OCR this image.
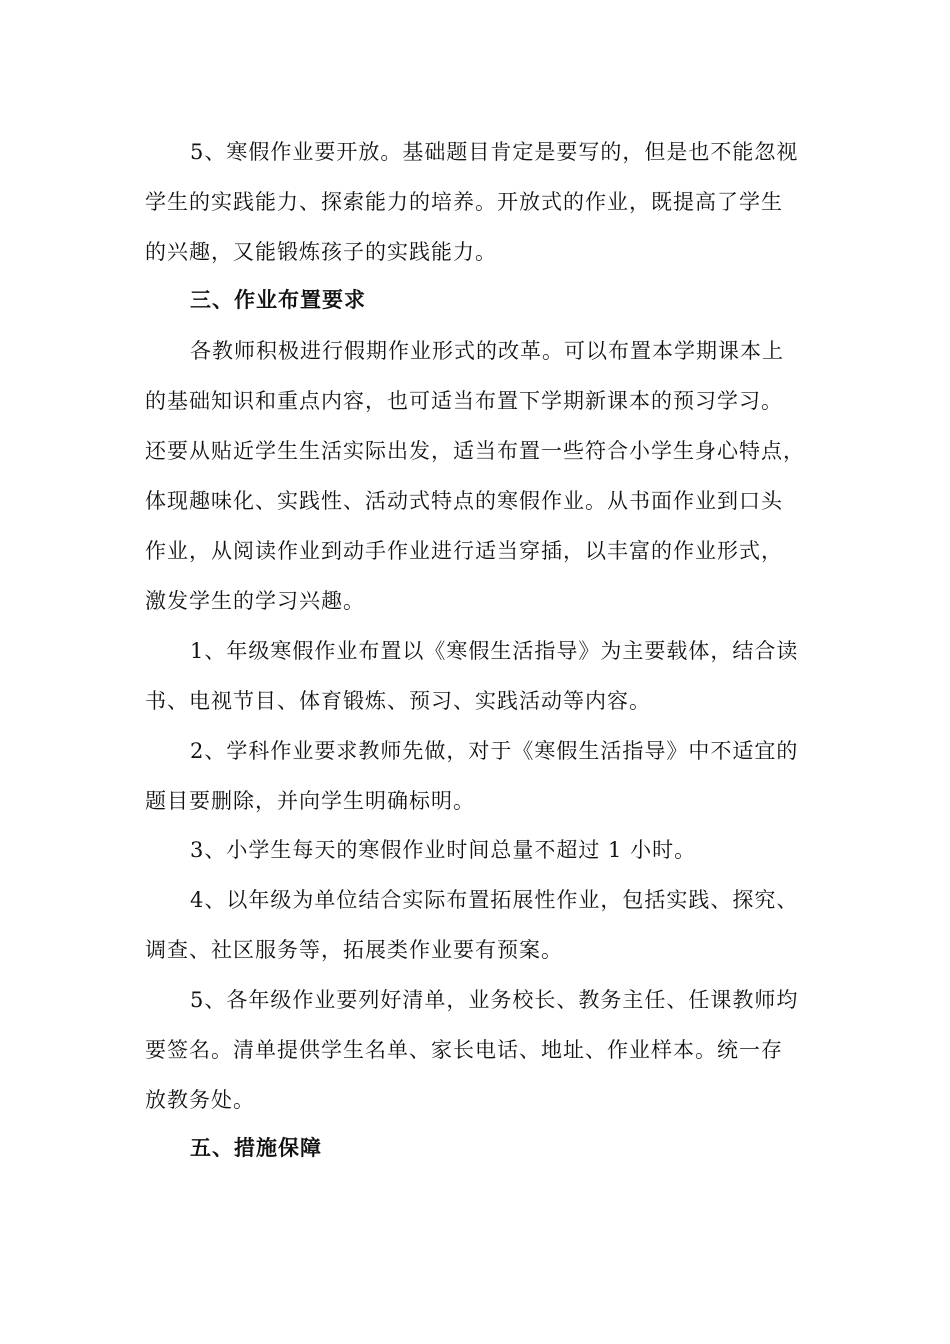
5、寒假作业要开放。基础题目肯定是要写的，但是也不能忽视
学生的实践能力、探索能力的培养。开放式的作业，既提高了学生
的兴趣，又能锻炼孩子的实践能力。
三、作业布置要求
各教师积极进行假期作业形式的改革。可以布置本学期课本上
的基础知识和重点内容，也可适当布置下学期新课本的预习学习。
还要从贴近学生生活实际出发，适当布置一些符合小学生身心特点，
体现趣味化、实践性、活动式特点的寒假作业。从书面作业到口头
作业，从阅读作业到动手作业进行适当穿插，以丰富的作业形式，
激发学生的学习兴趣。
1、年级寒假作业布置以《寒假生活指导》为主要载体，结合读
书、电视节目、体育锻炼、预习、实践活动等内容。
2、学科作业要求教师先做，对于《寒假生活指导》中不适宜的
题目要删除，并向学生明确标明。
3、小学生每天的寒假作业时间总量不超过 1 小时。
4、以年级为单位结合实际布置拓展性作业，包括实践、探究、
调查、社区服务等，拓展类作业要有预案。
5、各年级作业要列好清单，业务校长、教务主任、任课教师均
要签名。清单提供学生名单、家长电话、地址、作业样本。统一存
放教务处。
五、措施保障
